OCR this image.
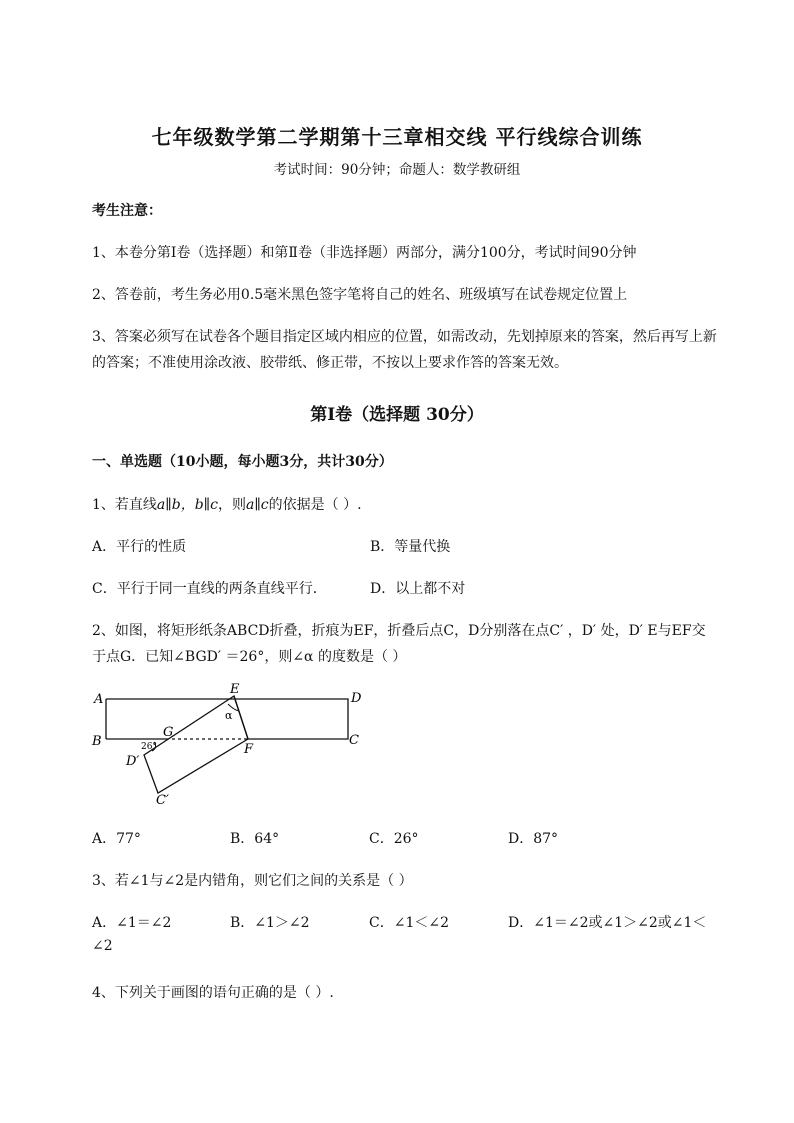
七年级数学第二学期第十三章相交线 平行线综合训练
考试时间：90分钟；命题人：数学教研组
考生注意：
1、本卷分第I卷（选择题）和第Ⅱ卷（非选择题）两部分，满分100分，考试时间90分钟
2、答卷前，考生务必用0.5毫米黑色签字笔将自己的姓名、班级填写在试卷规定位置上
3、答案必须写在试卷各个题目指定区域内相应的位置，如需改动，先划掉原来的答案，然后再写上新
的答案；不准使用涂改液、胶带纸、修正带，不按以上要求作答的答案无效。
第I卷（选择题 30分）
一、单选题（10小题，每小题3分，共计30分）
1、若直线a∥b，b∥c，则a∥c的依据是（ ）.
A．平行的性质	B．等量代换
C．平行于同一直线的两条直线平行．	D．以上都不对
2、如图，将矩形纸条ABCD折叠，折痕为EF，折叠后点C，D分别落在点C′ ，D′ 处，D′ E与EF交
于点G．已知∠BGD′ ＝26°，则∠α 的度数是（ ）
A
B
D
C
E
F
G
D′
C′
26°
α
A．77°	B．64°	C．26°	D．87°
3、若∠1与∠2是内错角，则它们之间的关系是（ ）
A．∠1＝∠2	B．∠1＞∠2	C．∠1＜∠2	D．∠1＝∠2或∠1＞∠2或∠1＜
∠2
4、下列关于画图的语句正确的是（ ）.
